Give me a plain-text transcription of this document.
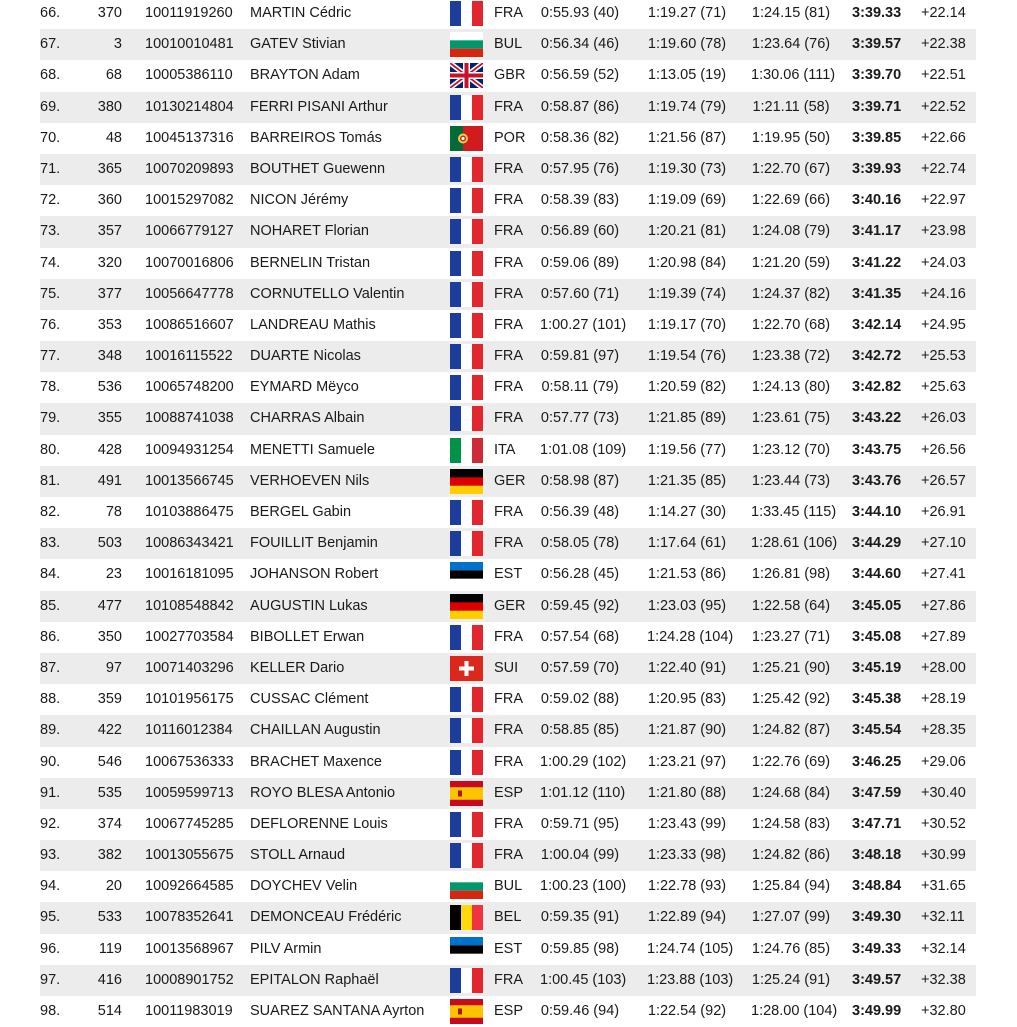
66.	370 10011919260 MARTIN Cédric	FRA 0:55.93 (40) 1:19.27 (71) 1:24.15 (81) 3:39.33 +22.14
67.	3 10010010481 GATEV Stivian	BUL 0:56.34 (46) 1:19.60 (78) 1:23.64 (76) 3:39.57 +22.38
68.	68 10005386110 BRAYTON Adam	GBR 0:56.59 (52) 1:13.05 (19) 1:30.06 (111) 3:39.70 +22.51
69.	380 10130214804 FERRI PISANI Arthur	FRA 0:58.87 (86) 1:19.74 (79) 1:21.11 (58) 3:39.71 +22.52
70.	48 10045137316 BARREIROS Tomás	POR 0:58.36 (82) 1:21.56 (87) 1:19.95 (50) 3:39.85 +22.66
71.	365 10070209893 BOUTHET Guewenn	FRA 0:57.95 (76) 1:19.30 (73) 1:22.70 (67) 3:39.93 +22.74
72.	360 10015297082 NICON Jérémy	FRA 0:58.39 (83) 1:19.09 (69) 1:22.69 (66) 3:40.16 +22.97
73.	357 10066779127 NOHARET Florian	FRA 0:56.89 (60) 1:20.21 (81) 1:24.08 (79) 3:41.17 +23.98
74.	320 10070016806 BERNELIN Tristan	FRA 0:59.06 (89) 1:20.98 (84) 1:21.20 (59) 3:41.22 +24.03
75.	377 10056647778 CORNUTELLO Valentin	FRA 0:57.60 (71) 1:19.39 (74) 1:24.37 (82) 3:41.35 +24.16
76.	353 10086516607 LANDREAU Mathis	FRA 1:00.27 (101) 1:19.17 (70) 1:22.70 (68) 3:42.14 +24.95
77.	348 10016115522 DUARTE Nicolas	FRA 0:59.81 (97) 1:19.54 (76) 1:23.38 (72) 3:42.72 +25.53
78.	536 10065748200 EYMARD Mëyco	FRA 0:58.11 (79) 1:20.59 (82) 1:24.13 (80) 3:42.82 +25.63
79.	355 10088741038 CHARRAS Albain	FRA 0:57.77 (73) 1:21.85 (89) 1:23.61 (75) 3:43.22 +26.03
80.	428 10094931254 MENETTI Samuele	ITA 1:01.08 (109) 1:19.56 (77) 1:23.12 (70) 3:43.75 +26.56
81.	491 10013566745 VERHOEVEN Nils	GER 0:58.98 (87) 1:21.35 (85) 1:23.44 (73) 3:43.76 +26.57
82.	78 10103886475 BERGEL Gabin	FRA 0:56.39 (48) 1:14.27 (30) 1:33.45 (115) 3:44.10 +26.91
83.	503 10086343421 FOUILLIT Benjamin	FRA 0:58.05 (78) 1:17.64 (61) 1:28.61 (106) 3:44.29 +27.10
84.	23 10016181095 JOHANSON Robert	EST 0:56.28 (45) 1:21.53 (86) 1:26.81 (98) 3:44.60 +27.41
85.	477 10108548842 AUGUSTIN Lukas	GER 0:59.45 (92) 1:23.03 (95) 1:22.58 (64) 3:45.05 +27.86
86.	350 10027703584 BIBOLLET Erwan	FRA 0:57.54 (68) 1:24.28 (104) 1:23.27 (71) 3:45.08 +27.89
87.	97 10071403296 KELLER Dario	SUI 0:57.59 (70) 1:22.40 (91) 1:25.21 (90) 3:45.19 +28.00
88.	359 10101956175 CUSSAC Clément	FRA 0:59.02 (88) 1:20.95 (83) 1:25.42 (92) 3:45.38 +28.19
89.	422 10116012384 CHAILLAN Augustin	FRA 0:58.85 (85) 1:21.87 (90) 1:24.82 (87) 3:45.54 +28.35
90.	546 10067536333 BRACHET Maxence	FRA 1:00.29 (102) 1:23.21 (97) 1:22.76 (69) 3:46.25 +29.06
91.	535 10059599713 ROYO BLESA Antonio	ESP 1:01.12 (110) 1:21.80 (88) 1:24.68 (84) 3:47.59 +30.40
92.	374 10067745285 DEFLORENNE Louis	FRA 0:59.71 (95) 1:23.43 (99) 1:24.58 (83) 3:47.71 +30.52
93.	382 10013055675 STOLL Arnaud	FRA 1:00.04 (99) 1:23.33 (98) 1:24.82 (86) 3:48.18 +30.99
94.	20 10092664585 DOYCHEV Velin	BUL 1:00.23 (100) 1:22.78 (93) 1:25.84 (94) 3:48.84 +31.65
95.	533 10078352641 DEMONCEAU Frédéric	BEL 0:59.35 (91) 1:22.89 (94) 1:27.07 (99) 3:49.30 +32.11
96.	119 10013568967 PILV Armin	EST 0:59.85 (98) 1:24.74 (105) 1:24.76 (85) 3:49.33 +32.14
97.	416 10008901752 EPITALON Raphaël	FRA 1:00.45 (103) 1:23.88 (103) 1:25.24 (91) 3:49.57 +32.38
98.	514 10011983019 SUAREZ SANTANA Ayrton	ESP 0:59.46 (94) 1:22.54 (92) 1:28.00 (104) 3:49.99 +32.80
